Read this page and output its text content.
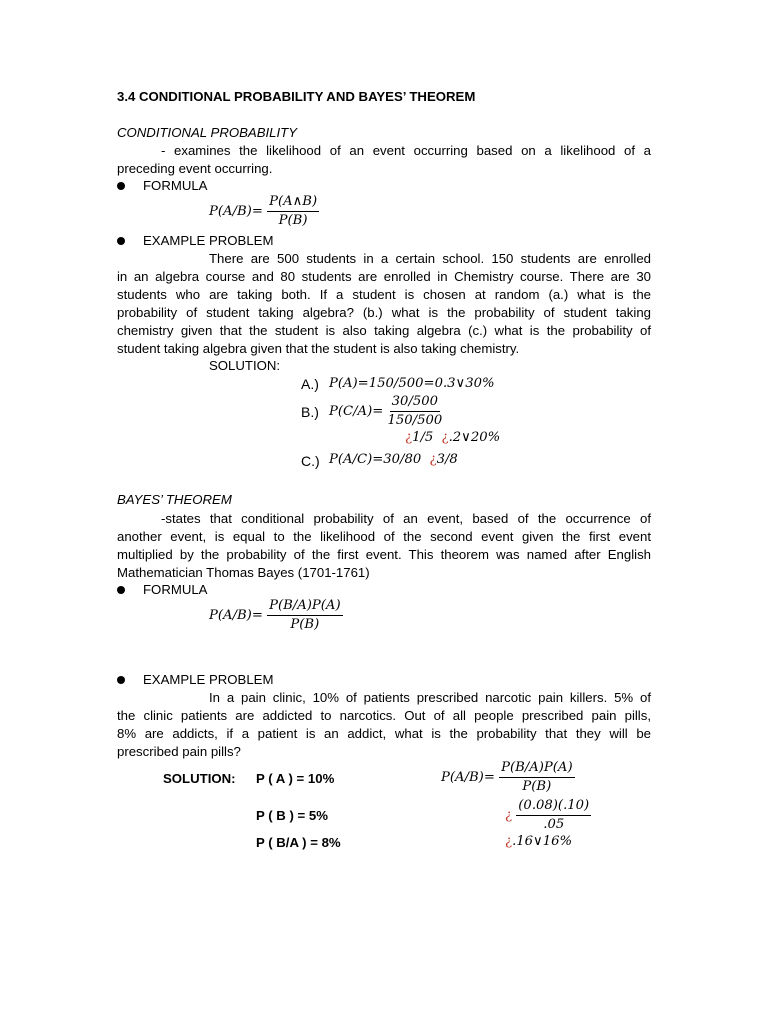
3.4 CONDITIONAL PROBABILITY AND BAYES’ THEOREM
CONDITIONAL PROBABILITY
- examines the likelihood of an event occurring based on a likelihood of a
preceding event occurring.
FORMULA
$P(A/B)= \frac{P(A\wedge B)}{P(B)}$
EXAMPLE PROBLEM
There are 500 students in a certain school. 150 students are enrolled
in an algebra course and 80 students are enrolled in Chemistry course. There are 30
students who are taking both. If a student is chosen at random (a.) what is the
probability of student taking algebra? (b.) what is the probability of student taking
chemistry given that the student is also taking algebra (c.) what is the probability of
student taking algebra given that the student is also taking chemistry.
SOLUTION:
A.) P(A)=150/500=0.3∨30%
B.) $P(C/A)= \frac{30/500}{150/500}$
¿1/5 ¿.2∨20%
C.) P(A/C)=30/80 ¿3/8
BAYES’ THEOREM
-states that conditional probability of an event, based of the occurrence of
another event, is equal to the likelihood of the second event given the first event
multiplied by the probability of the first event. This theorem was named after English
Mathematician Thomas Bayes (1701-1761)
FORMULA
$P(A/B)= \frac{P(B/A)P(A)}{P(B)}$
EXAMPLE PROBLEM
In a pain clinic, 10% of patients prescribed narcotic pain killers. 5% of
the clinic patients are addicted to narcotics. Out of all people prescribed pain pills,
8% are addicts, if a patient is an addict, what is the probability that they will be
prescribed pain pills?
SOLUTION: P ( A ) = 10%
P ( B ) = 5%
P ( B/A ) = 8%
$P(A/B)= \frac{P(B/A)P(A)}{P(B)}$
¿ $\frac{(0.08)(.10)}{.05}$
¿.16∨16%
